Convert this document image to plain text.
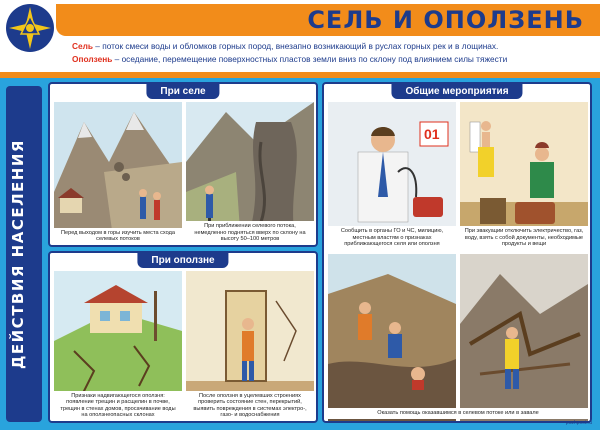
СЕЛЬ И ОПОЛЗЕНЬ
Сель – поток смеси воды и обломков горных пород, внезапно возникающий в руслах горных рек и в лощинах.
Оползень – оседание, перемещение поверхностных пластов земли вниз по склону под влиянием силы тяжести
ДЕЙСТВИЯ НАСЕЛЕНИЯ	Перед выходом в горы изучить места схода селевых потоков
При приближении селевого потока, немедленно подняться вверх по склону на высоту 50–100 метров
При селе
Признаки надвигающегося оползня: появление трещин и расщелин в почве, трещин в стенах домов, просачивание воды на оползнеопасных склонах
После оползня в уцелевших строениях проверить состояние стен, перекрытий, выявить повреждения в системах электро-, газо- и водоснабжения
При оползне
01
Сообщить в органы ГО и ЧС, милицию, местным властям о признаках приближающегося селя или оползня
При эвакуации отключить электричество, газ, воду, взять с собой документы, необходимые продукты и вещи
Оказать помощь оказавшимся в селевом потоке или в завале
Общие мероприятия
pozhpost.ru
